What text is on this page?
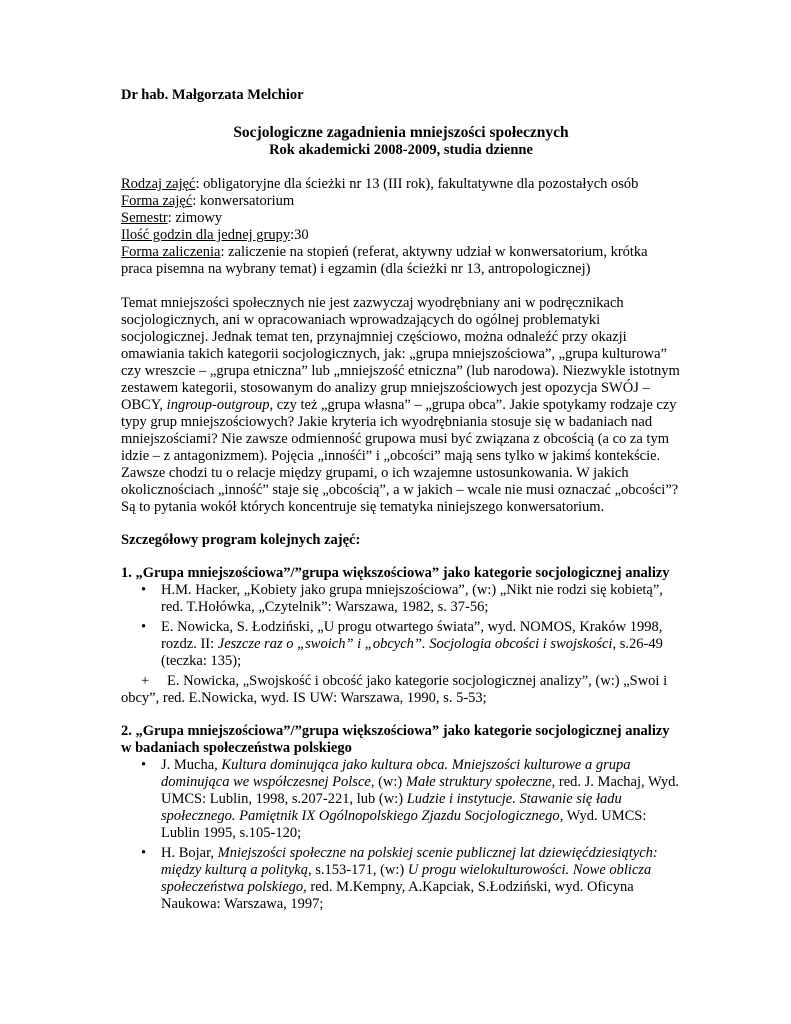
Dr hab. Małgorzata Melchior

Socjologiczne zagadnienia mniejszości społecznych

Rok akademicki 2008-2009, studia dzienne

Rodzaj zajęć: obligatoryjne dla ścieżki nr 13 (III rok), fakultatywne dla pozostałych osób

Forma zajęć: konwersatorium

Semestr: zimowy

Ilość godzin dla jednej grupy:30

Forma zaliczenia: zaliczenie na stopień (referat, aktywny udział w konwersatorium, krótka praca pisemna na wybrany temat) i egzamin (dla ścieżki nr 13, antropologicznej)

Temat mniejszości społecznych nie jest zazwyczaj wyodrębniany ani w podręcznikach socjologicznych, ani w opracowaniach wprowadzających do ogólnej problematyki socjologicznej. Jednak temat ten, przynajmniej częściowo, można odnaleźć przy okazji omawiania takich kategorii socjologicznych, jak: „grupa mniejszościowa”, „grupa kulturowa” czy wreszcie – „grupa etniczna” lub „mniejszość etniczna” (lub narodowa). Niezwykle istotnym zestawem kategorii, stosowanym do analizy grup mniejszościowych jest opozycja SWÓJ – OBCY, ingroup-outgroup, czy też „grupa własna” – „grupa obca”. Jakie spotykamy rodzaje czy typy grup mniejszościowych? Jakie kryteria ich wyodrębniania stosuje się w badaniach nad mniejszościami? Nie zawsze odmienność grupowa musi być związana z obcością (a co za tym idzie – z antagonizmem). Pojęcia „innośći” i „obcości” mają sens tylko w jakimś kontekście. Zawsze chodzi tu o relacje między grupami, o ich wzajemne ustosunkowania. W jakich okolicznościach „inność” staje się „obcością”, a w jakich – wcale nie musi oznaczać „obcości”? Są to pytania wokół których koncentruje się tematyka niniejszego konwersatorium.

Szczegółowy program kolejnych zajęć:

1. „Grupa mniejszościowa”/”grupa większościowa” jako kategorie socjologicznej analizy

• H.M. Hacker, „Kobiety jako grupa mniejszościowa”, (w:) „Nikt nie rodzi się kobietą”, red. T.Hołówka, „Czytelnik”: Warszawa, 1982, s. 37-56;
• E. Nowicka, S. Łodziński, „U progu otwartego świata”, wyd. NOMOS, Kraków 1998, rozdz. II: Jeszcze raz o „swoich” i „obcych”. Socjologia obcości i swojskości, s.26-49 (teczka: 135);
+ E. Nowicka, „Swojskość i obcość jako kategorie socjologicznej analizy”, (w:) „Swoi i obcy”, red. E.Nowicka, wyd. IS UW: Warszawa, 1990, s. 5-53;

2. „Grupa mniejszościowa”/”grupa większościowa” jako kategorie socjologicznej analizy w badaniach społeczeństwa polskiego

• J. Mucha, Kultura dominująca jako kultura obca. Mniejszości kulturowe a grupa dominująca we współczesnej Polsce, (w:) Małe struktury społeczne, red. J. Machaj, Wyd. UMCS: Lublin, 1998, s.207-221, lub (w:) Ludzie i instytucje. Stawanie się ładu społecznego. Pamiętnik IX Ogólnopolskiego Zjazdu Socjologicznego, Wyd. UMCS: Lublin 1995, s.105-120;
• H. Bojar, Mniejszości społeczne na polskiej scenie publicznej lat dziewięćdziesiątych: między kulturą a polityką, s.153-171, (w:) U progu wielokulturowości. Nowe oblicza społeczeństwa polskiego, red. M.Kempny, A.Kapciak, S.Łodziński, wyd. Oficyna Naukowa: Warszawa, 1997;
